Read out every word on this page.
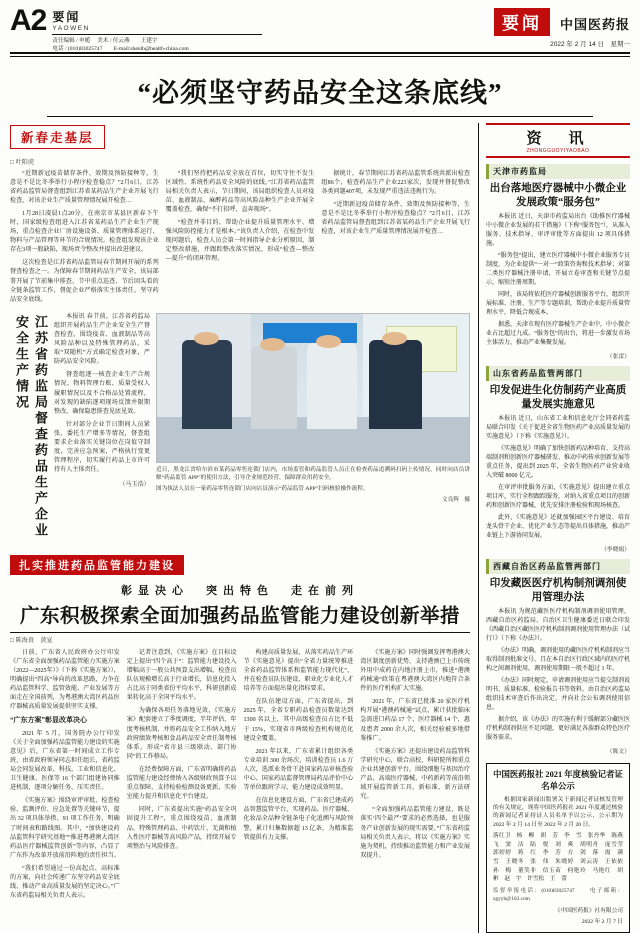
A2 要闻
YAOWEN
责任编辑 / 申栀 　美术 / 付云燕　　王建宇
电话 / (010)83025747　　E-mail:shenlh@health-china.com
要闻 中国医药报
2022 年 2 月 14 日　星期一
“必须坚守药品安全这条底线”
新春走基层
□ 叶阳虎

“近期新冠疫苗储存条件、效期及预防接种等，生意是不是比冬季举行小程序检查稳点？”2月6日，江苏省药品监管局督查组到江苏省某药品生产企业开展飞行检查，对该企业生产质量管理情况展开检查…

1月28日凌晨1点20分，在南京市某县区新春下午时，国家级检查组进入江苏省某药品生产企业生产现场，重点检查企业厂房设施设备、质量管理体系运行、物料与产品管理等环节的合规情况。检查组发现该企业存在3项一般缺陷，现场责令整改并提出改进建议。

这次检查是江苏省药品监管局春节期间开展的系列督查检查之一。为保障春节期间药品生产安全，该局部署开展了节前集中排查、节中重点巡查、节后回头看的全链条监管工作，督促企业严格落实主体责任，坚守药品安全底线。

“我们坚持把药品安全放在首位，切实守住不发生区域性、系统性药品安全风险的底线。”江苏省药品监管局相关负责人表示，节日期间，该局组织检查人员对疫苗、血液制品、麻醉药品等高风险品种生产企业开展全覆盖检查，确保“不打招呼、直奔现场”。

“检查并非目的，帮助企业提升质量管理水平、增强风险防控能力才是根本。”该负责人介绍，在检查中发现问题后，检查人员会第一时间指导企业分析原因、制定整改措施，并跟踪整改落实情况，形成“检查—整改—提升”的闭环管理。

据统计，春节期间江苏省药品监管系统共派出检查组86个，检查药品生产企业223家次，发现并督促整改各类问题407项，未发现严重违法违规行为。

“近期新冠疫苗储存条件、效期及预防接种等，生意是不是比冬季举行小程序检查稳点？”2月6日，江苏省药品监管局督查组到江苏省某药品生产企业开展飞行检查，对该企业生产质量管理情况展开检查…

江苏省药监局督查药品生产企业安全生产情况	本报讯 春节前，江苏省药监局组织开展药品生产企业安全生产督查检查，围绕疫苗、血液制品等高风险品种以及特殊管理药品，采取“双随机”方式确定检查对象，严防药品安全风险。

督查组逐一核查企业生产合规情况、物料管理台账、质量受权人履职情况以及不合格品处置流程，对发现的缺陷逐项现场反馈并限期整改，确保隐患排查见底见效。

针对部分企业节日期间人员紧张、委托生产增多等情况，督查组要求企业落实关键岗位在岗值守制度，完善应急预案，严格执行变更管理程序，切实履行药品上市许可持有人主体责任。

（马玉浩）
近日，黑龙江省哈尔滨市某药品零售连锁门店内，市场监管和药品监管人员正在检查药品追溯码扫码上传情况，同时向店员讲解“药品监管 APP”的使用方法，引导企业规范经营、保障群众用药安全。
图为执法人员在一家药品零售连锁门店向店员演示“药品监管 APP”扫码核验操作流程。
文良辉　摄
扎实推进药品监管能力建设
彰显决心　突出特色　走在前列
广东积极探索全面加强药品监管能力建设创新举措
□ 陈海贵　黄宣

日前，广东省人民政府办公厅印发《广东省全面加强药品监管能力实施方案（2022—2025年）》（下称《实施方案》），明确提出“四高”导向的改革思路，力争在药品监管科学、监管效能、产业发展等方面走在全国前列，为粤港澳大湾区药品医疗器械高质量发展提供坚实支撑。

“广东方案”彰显改革决心

2021 年 5 月，国务院办公厅印发《关于全面加强药品监管能力建设的实施意见》后，广东省第一时间成立工作专班，由省政府领导同志担任组长，省药监局会同发展改革、科技、工业和信息化、卫生健康、医保等 16 个部门组建协同推进机制，逐项分解任务、压实责任。

《实施方案》围绕审评审批、检查检验、监测评价、应急处置等关键环节，提出 32 项具体举措、91 项工作任务，明确了时间表和路线图。其中，“加快建设药品监管科学研究基地”“推进粤港澳大湾区药品医疗器械监管创新”等内容，凸显了广东作为改革开放前沿阵地的责任担当。

“我们希望通过一份高起点、高标准的方案，向社会传递广东坚守药品安全底线、推动产业高质量发展的坚定决心。”广东省药监局相关负责人表示。

记者注意到，《实施方案》在目标设定上提出“四个高于”：监管能力建设投入增幅高于一般公共预算支出增幅，检查员队伍规模增长高于行业增长，信息化投入占比高于同类省份平均水平，科研创新成果转化高于全国平均水平。

为确保各项任务落地见效，《实施方案》配套建立了季度调度、半年评估、年度考核机制，并将药品安全工作纳入地方政府绩效考核和食品药品安全责任制考核体系，形成“省市县三级联动、部门协同”的工作格局。

在经费保障方面，广东省明确将药品监管能力建设经费纳入各级财政预算予以重点保障，支持检验检测设备更新、实验室能力提升和信息化平台建设。

同时，广东省提出实施“药品安全巩固提升工程”，重点围绕疫苗、血液制品、特殊管理药品、中药饮片、无菌和植入性医疗器械等高风险产品，持续开展专项整治与风险排查。

构建高质量发展、从落实药品生产环节《实施意见》提出“全省力量统筹推进全省药品监管体系和监管能力现代化”，并在检查员队伍建设、职业化专业化人才培养等方面提出量化指标要求。

在队伍建设方面，广东省提出，到 2025 年，全省专职药品检查员数量达到 1300 名以上，其中高级检查员占比不低于 15%，实现省市两级检查机构规范化建设全覆盖。

2021 年以来，广东省累计组织各类专业培训 300 余场次，培训检查员 1.6 万人次，选派业务骨干赴国家药品审核查验中心、国家药品监督管理局药品评价中心等单位跟班学习，能力建设成效明显。

在信息化建设方面，广东省已建成药品智慧监管平台，实现药品、医疗器械、化妆品全品种全链条电子化追溯与风险预警，累计归集数据超 13 亿条，为精准监管提供有力支撑。

《实施方案》同时强调发挥粤港澳大湾区制度创新优势，支持港澳已上市传统外用中成药在内地注册上市，推进“港澳药械通”政策在粤港澳大湾区内地符合条件的医疗机构扩大实施。

2021 年，广东省已批准 20 家医疗机构开展“港澳药械通”试点，累计获批临床急需进口药品 17 个、医疗器械 14 个，惠及患者 2000 余人次，相关经验被多地借鉴推广。

《实施方案》还提出建设药品监管科学研究中心，联合高校、科研院所和重点企业共建创新平台，围绕细胞与基因治疗产品、高端医疗器械、中药新药等前沿领域开展监管新工具、新标准、新方法研究。

“全面加强药品监管能力建设，既是落实‘四个最严’要求的必然选择，也是服务产业创新发展的现实需要。”广东省药监局相关负责人表示，将以《实施方案》实施为契机，持续推动监管能力和产业发展双提升。

资　讯
ZHONGGUOYIYAOBAO
天津市药监局
出台落地医疗器械中小微企业发展政策“服务包”

本报讯 近日，天津市药监局出台《助推医疗器械中小微企业发展的若干措施》（下称“服务包”），从准入服务、技术指导、审评审批等方面提出 12 项具体措施。

“服务包”提出，建立医疗器械中小微企业服务专员制度，为企业提供“一对一”政策咨询和技术指导；对第二类医疗器械注册申请，开展立卷审查和关键节点提示，缩短注册周期。

同时，该局将依托医疗器械创新服务平台，组织开展标准、注册、生产等专题培训，帮助企业提升质量管理水平，降低合规成本。

据悉，天津市现有医疗器械生产企业中，中小微企业占比超过九成。“服务包”的出台，将进一步激发市场主体活力，推动产业集聚发展。

（张雷）
山东省药品监管两部门
印发促进生化仿制药产业高质量发展实施意见

本报讯 近日，山东省工业和信息化厅会同省药监局联合印发《关于促进全省生物医药产业高质量发展的实施意见》（下称《实施意见》）。

《实施意见》明确了加快创新药品种培育、支持高端制剂和创新医疗器械研发、推动中药传承创新发展等重点任务，提出到 2025 年，全省生物医药产业营业收入突破 8000 亿元。

在审评审批服务方面，《实施意见》提出建立重点项目库，实行全程跟踪服务，对纳入省重点项目的创新药和创新医疗器械，优先安排注册检验和现场核查。

此外，《实施意见》还就加强园区平台建设、培育龙头骨干企业、优化产业生态等提出具体措施，推动产业链上下游协同发展。

（李晓娟）
西藏自治区药品监管两部门
印发藏医医疗机构制剂调剂使用管理办法

本报讯 为规范藏医医疗机构制剂调剂使用管理，西藏自治区药监局、自治区卫生健康委近日联合印发《西藏自治区藏医医疗机构制剂调剂使用管理办法（试行）》（下称《办法》）。

《办法》明确，调剂使用的藏医医疗机构制剂应当取得制剂批准文号，且在本自治区行政区域内的医疗机构之间调剂使用，调剂使用期限一般不超过 1 年。

《办法》同时规定，申请调剂使用应当提交制剂说明书、质量标准、检验报告书等资料，由自治区药监局组织技术审查后作出决定，并向社会公布调剂使用信息。

据介绍，该《办法》的实施有利于缓解部分藏医医疗机构制剂供应不足问题，更好满足各族群众特色医疗服务需求。

（陈文）
中国医药报社 2021 年度核验记者证名单公示

根据国家新闻出版署关于新闻记者证核发管理的有关规定，现将中国医药报社 2021 年度通过核验的新闻记者证持证人员名单予以公示，公示期为 2022 年 2 月 14 日至 2022 年 2 月 20 日。

落红卫　杨　柳　胡　芳　李　雪　张丹华　陈燕飞　窦　洁　陆　悦　刘　爽　胡明舟　庞雪莹　郭婷婷　蒋　红　李　芳　方　剑　落　霞　满　雪　王晓冬　张　伟　朱晓婷　刘云涛　王依依　孙　梅　董笑非　信玉苗　何艳玲　马艳红　胡　彬　赵　宇　许雪松　王　蕾
监督举报电话：(010)83025747　　电子邮箱：zgyyb@163.com
《中国医药报》社有限公司
2022 年 2 月 7 日
